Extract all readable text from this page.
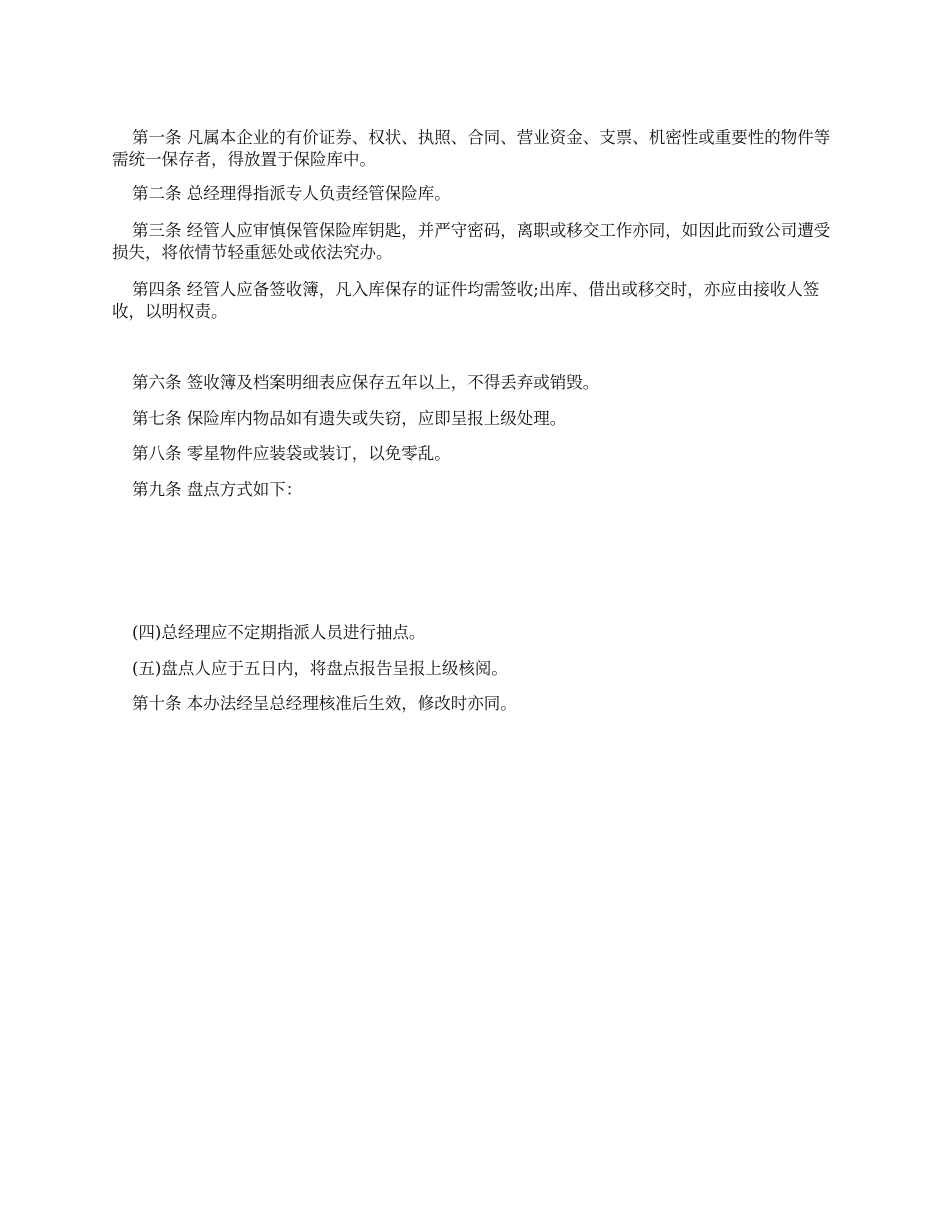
第一条 凡属本企业的有价证券、权状、执照、合同、营业资金、支票、机密性或重要性的物件等需统一保存者，得放置于保险库中。

第二条 总经理得指派专人负责经管保险库。

第三条 经管人应审慎保管保险库钥匙，并严守密码，离职或移交工作亦同，如因此而致公司遭受损失，将依情节轻重惩处或依法究办。

第四条 经管人应备签收簿，凡入库保存的证件均需签收;出库、借出或移交时，亦应由接收人签收，以明权责。

第六条 签收簿及档案明细表应保存五年以上，不得丢弃或销毁。

第七条 保险库内物品如有遗失或失窃，应即呈报上级处理。

第八条 零星物件应装袋或装订，以免零乱。

第九条 盘点方式如下：

(四)总经理应不定期指派人员进行抽点。

(五)盘点人应于五日内，将盘点报告呈报上级核阅。

第十条 本办法经呈总经理核准后生效，修改时亦同。
